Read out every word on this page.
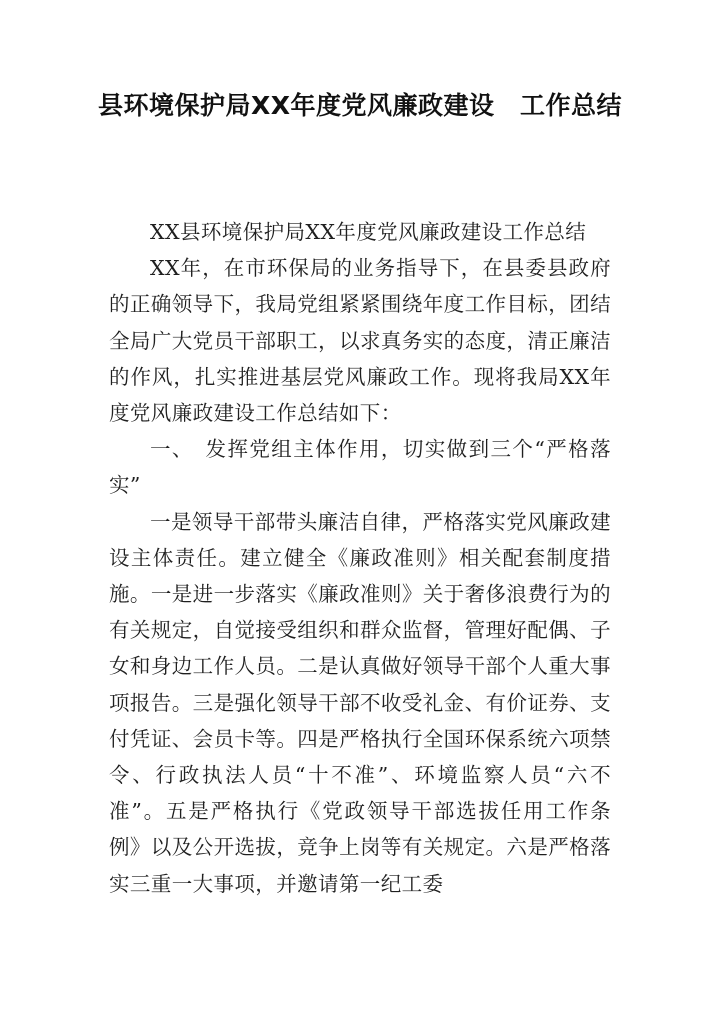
县环境保护局XX年度党风廉政建设　工作总结

XX县环境保护局XX年度党风廉政建设工作总结

XX年，在市环保局的业务指导下，在县委县政府的正确领导下，我局党组紧紧围绕年度工作目标，团结全局广大党员干部职工，以求真务实的态度，清正廉洁的作风，扎实推进基层党风廉政工作。现将我局XX年度党风廉政建设工作总结如下：

一、　发挥党组主体作用，切实做到三个“严格落实”

一是领导干部带头廉洁自律，严格落实党风廉政建设主体责任。建立健全《廉政准则》相关配套制度措施。一是进一步落实《廉政准则》关于奢侈浪费行为的有关规定，自觉接受组织和群众监督，管理好配偶、子女和身边工作人员。二是认真做好领导干部个人重大事项报告。三是强化领导干部不收受礼金、有价证券、支付凭证、会员卡等。四是严格执行全国环保系统六项禁令、行政执法人员“十不准”、环境监察人员“六不准”。五是严格执行《党政领导干部选拔任用工作条例》以及公开选拔，竞争上岗等有关规定。六是严格落实三重一大事项，并邀请第一纪工委
